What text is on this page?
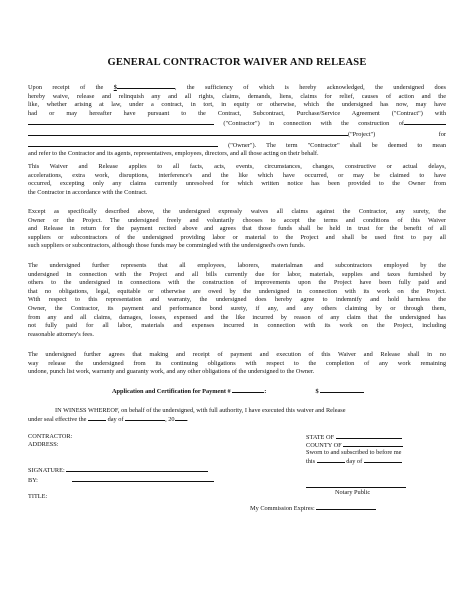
GENERAL CONTRACTOR WAIVER AND RELEASE
Upon receipt of the $	, the sufficiency of which is hereby acknowledged, the undersigned does
hereby waive, release and relinquish any and all rights, claims, demands, liens, claims for relief, causes of action and the
like, whether arising at law, under a contract, in tort, in equity or otherwise, which the undersigned has now, may have
had or may hereafter have pursuant to the Contract, Subcontract, Purchase/Service Agreement ("Contract") with
("Contractor") in connection with the construction of
("Project")	for
("Owner"). The term "Contractor" shall be deemed to mean
and refer to the Contractor and its agents, representatives, employees, directors, and all those acting on their behalf.
This Waiver and Release applies to all facts, acts, events, circumstances, changes, constructive or actual delays,
accelerations, extra work, disruptions, interference's and the like which have occurred, or may be claimed to have
occurred, excepting only any claims currently unresolved for which written notice has been provided to the Owner from
the Contractor in accordance with the Contract.
Except as specifically described above, the undersigned expressly waives all claims against the Contractor, any surety, the
Owner or the Project. The undersigned freely and voluntarily chooses to accept the terms and conditions of this Waiver
and Release in return for the payment recited above and agrees that those funds shall be held in trust for the benefit of all
suppliers or subcontractors of the undersigned providing labor or material to the Project and shall be used first to pay all
such suppliers or subcontractors, although those funds may be commingled with the undersigned's own funds.
The undersigned further represents that all employees, laborers, materialman and subcontractors employed by the
undersigned in connection with the Project and all bills currently due for labor, materials, supplies and taxes furnished by
others to the undersigned in connections with the construction of improvements upon the Project have been fully paid and
that no obligations, legal, equitable or otherwise are owed by the undersigned in connection with its work on the Project.
With respect to this representation and warranty, the undersigned does hereby agree to indemnify and hold harmless the
Owner, the Contractor, its payment and performance bond surety, if any, and any others claiming by or through them,
from any and all claims, damages, losses, expensed and the like incurred by reason of any claim that the undersigned has
not fully paid for all labor, materials and expenses incurred in connection with its work on the Project, including
reasonable attorney's fees.
The undersigned further agrees that making and receipt of payment and execution of this Waiver and Release shall in no
way release the undersigned from its continuing obligations with respect to the completion of any work remaining
undone, punch list work, warranty and guaranty work, and any other obligations of the undersigned to the Owner.
Application and Certification for Payment #	:	$
IN WINESS WHEREOF, on behalf of the undersigned, with full authority, I have executed this waiver and Release
under seal effective the	day of	, 20 .
CONTRACTOR:
ADDRESS:
SIGNATURE:
BY:
TITLE:
STATE OF
COUNTY OF
Sworn to and subscribed to before me
this	day of
Notary Public
My Commission Expires:
